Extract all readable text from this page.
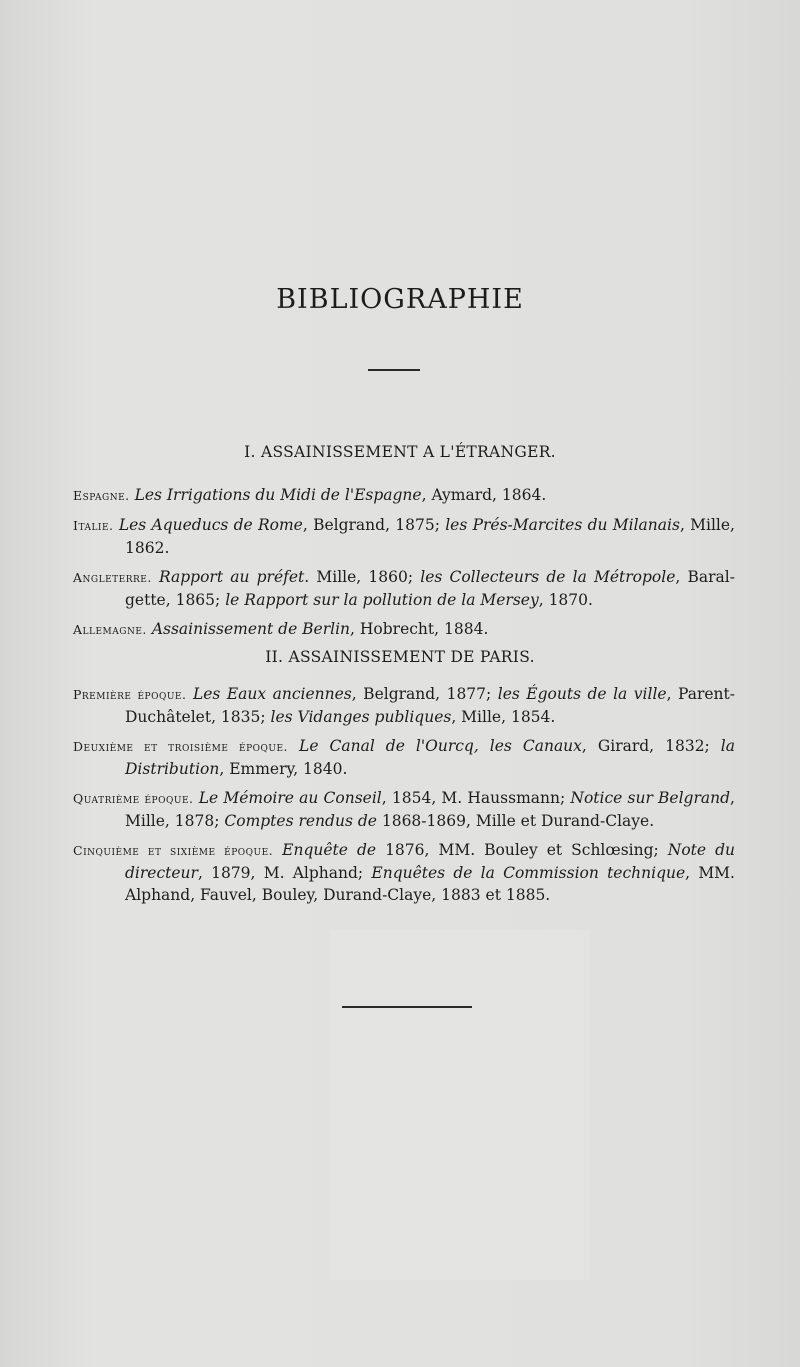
BIBLIOGRAPHIE
I. ASSAINISSEMENT A L'ÉTRANGER.

Espagne. Les Irrigations du Midi de l'Espagne, Aymard, 1864.

Italie. Les Aqueducs de Rome, Belgrand, 1875; les Prés-Marcites du Milanais, Mille, 1862.

Angleterre. Rapport au préfet. Mille, 1860; les Collecteurs de la Métropole, Baral-gette, 1865; le Rapport sur la pollution de la Mersey, 1870.

Allemagne. Assainissement de Berlin, Hobrecht, 1884.

II. ASSAINISSEMENT DE PARIS.

Première époque. Les Eaux anciennes, Belgrand, 1877; les Égouts de la ville, Parent-Duchâtelet, 1835; les Vidanges publiques, Mille, 1854.

Deuxième et troisième époque. Le Canal de l'Ourcq, les Canaux, Girard, 1832; la Distribution, Emmery, 1840.

Quatrième époque. Le Mémoire au Conseil, 1854, M. Haussmann; Notice sur Belgrand, Mille, 1878; Comptes rendus de 1868-1869, Mille et Durand-Claye.

Cinquième et sixième époque. Enquête de 1876, MM. Bouley et Schlœsing; Note du directeur, 1879, M. Alphand; Enquêtes de la Commission technique, MM. Alphand, Fauvel, Bouley, Durand-Claye, 1883 et 1885.
